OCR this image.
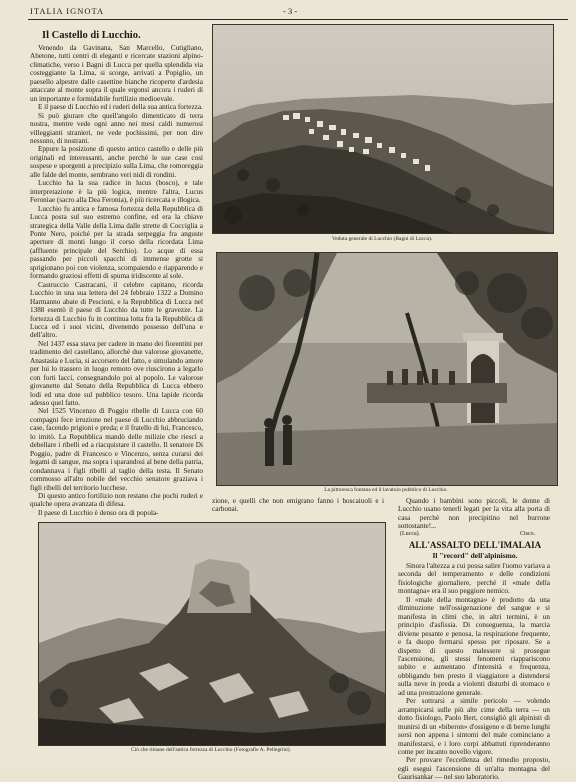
ITALIA IGNOTA	- 3 -
Il Castello di Lucchio.

Venendo da Gavinana, San Marcello, Cutigliano, Abetone, tutti centri di eleganti e ricercate stazioni alpino-climatiche, verso i Bagni di Lucca per quella splendida via costeggiante la Lima, si scorge, arrivati a Popiglio, un paesello alpestre dalle casettine bianche ricoperte d'ardesia attaccate al monte sopra il quale ergonsi ancora i ruderi di un importante e formidabile fortilizio medioevale.

E il paese di Lucchio ed i ruderi della sua antica fortezza.

Si può giurare che quell'angolo dimenticato di terra nostra, mentre vede ogni anno nei mesi caldi numerosi villeggianti stranieri, ne vede pochissimi, per non dire nessuno, di nostrani.

Eppure la posizione di questo antico castello e delle più originali ed interessanti, anche perché le sue case così sospese e sporgenti a precipizio sulla Lima, che romoreggia alle falde del monte, sembrano veri nidi di rondini.

Lucchio ha la sua radice in lucus (bosco), e tale interpretazione è la più logica, mentre l'altra, Lucus Feroniae (sacro alla Dea Feronia), è più ricercata e illogica.

Lucchio fu antica e famosa fortezza della Repubblica di Lucca posta sul suo estremo confine, ed era la chiave strategica della Valle della Lima dalle strette di Cocciglia a Ponte Nero, poiché per la strada serpeggia fra anguste aperture di monti lungo il corso della ricordata Lima (affluente principale del Serchio). Lo acque di essa passando per piccoli spacchi di immense grotte si sprigionano poi con violenza, scompaiendo e riapparendo e formando graziosi effetti di spuma iridiscente al sole.

Castruccio Castracani, il celebre capitano, ricorda Lucchio in una sua lettera del 24 febbraio 1322 a Domino Harmanno abate di Pescioni, e la Repubblica di Lucca nel 1388 esentò il paese di Lucchio da tutte le gravezze. La fortezza di Lucchio fu in continua lotta fra la Repubblica di Lucca ed i suoi vicini, divenendo possesso dell'una e dell'altro.

Nel 1437 essa stava per cadere in mano dei fiorentini per tradimento del castellano, allorché due valorose giovanette, Anastasia e Lucia, si accorsero del fatto, e simulando amore per lui lo trassero in luogo remoto ove riuscirono a legarlo con forti lacci, consegnandolo poi al popolo. Le valorose giovanette dal Senato della Repubblica di Lucca ebbero lodi ed una dote sul pubblico tesoro. Una lapide ricorda adesso quel fatto.

Nel 1525 Vincenzo di Poggio ribelle di Lucca con 60 compagni fece irruzione nel paese di Lucchio abbruciando case, facendo prigioni e preda; e il fratello di lui, Francesco, lo imitò. La Repubblica mandò delle milizie che riescì a debellare i ribelli ed a riacquistare il castello. Il senatore Di Poggio, padre di Francesco e Vincenzo, senza curarsi dei legami di sangue, ma sopra i sparandosi al bene della patria, condannava i figli ribelli al taglio della testa. Il Senato commosso all'alto nobile del vecchio senatore graziava i figli ribelli del territorio lucchese.

Di questo antico fortilizio non restano che pochi ruderi e qualche opera avanzata di difesa.

Il paese di Lucchio è denso ora di popola-

Veduta generale di Lucchio (Bagni di Lucca).
La pittoresca fontana ed il lavatoio pubblico di Lucchio.

zione, e quelli che non emigrano fanno i boscaiuoli e i carbonai.

Quando i bambini sono piccoli, le donne di Lucchio usano tenerli legati per la vita alla porta di casa perché non precipitino nel burrone sottostante!...

(Lucca).	Cisco.
Ciò che rimane dell'antica fortezza di Lucchio (Fotografie A. Pellegrini).
ALL'ASSALTO DELL'IMALAIA
Il "record" dell'alpinismo.

Sinora l'altezza a cui possa salire l'uomo variava a seconda del temperamento e delle condizioni fisiologiche giornaliere, perché il «male della montagna» era il suo peggiore nemico.

Il «male della montagna» è prodotto da una diminuzione nell'ossigenazione del sangue e si manifesta in climi che, in altri termini, è un principio d'asfissia. Di conseguenza, la marcia diviene pesante e penosa, la respirazione frequente, e fa duopo fermarsi spesso per riposare. Se a dispetto di questo malessere si prosegue l'ascensione, gli stessi fenomeni riappariscono subito e aumentano d'intensità e frequenza, obbligando ben presto il viaggiatore a distendersi sulla neve in preda a violenti disturbi di stomaco e ad una prostrazione generale.

Per sottrarsi a simile pericolo — volendo arrampicarsi sulle più alte cime della terra — un dotto fisiologo, Paolo Bert, consigliò gli alpinisti di munirsi di un «biberon» d'ossigeno e di berne lunghi sorsi non appena i sintomi del male cominciano a manifestarsi, e i loro corpi abbattuti riprenderanno come per incanto novello vigore.

Per provare l'eccellenza del rimedio proposto, egli esegui l'ascensione di un'alta montagna del Gaurisankar — nel suo laboratorio.
